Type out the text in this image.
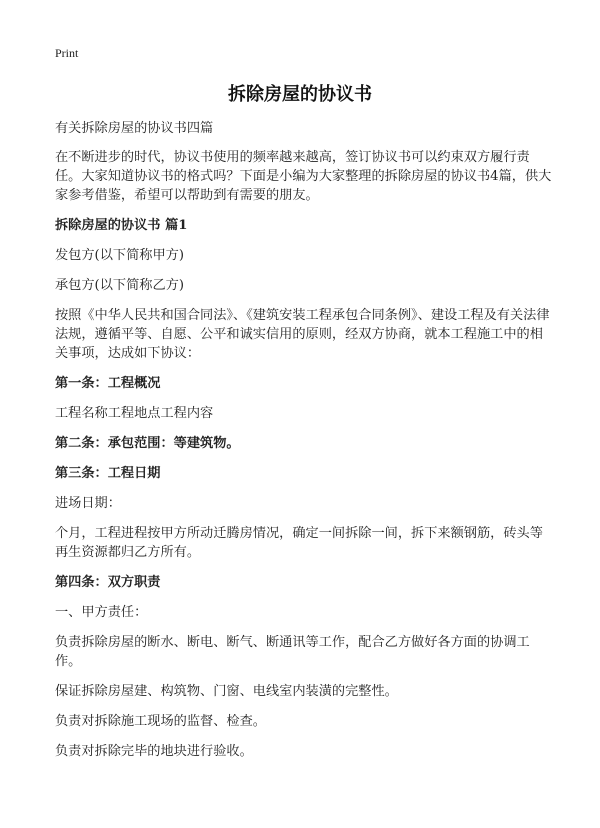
Print
拆除房屋的协议书

有关拆除房屋的协议书四篇

在不断进步的时代，协议书使用的频率越来越高，签订协议书可以约束双方履行责任。大家知道协议书的格式吗？下面是小编为大家整理的拆除房屋的协议书4篇，供大家参考借鉴，希望可以帮助到有需要的朋友。

拆除房屋的协议书 篇1

发包方(以下简称甲方)

承包方(以下简称乙方)

按照《中华人民共和国合同法》、《建筑安装工程承包合同条例》、建设工程及有关法律法规，遵循平等、自愿、公平和诚实信用的原则，经双方协商，就本工程施工中的相关事项，达成如下协议：

第一条：工程概况

工程名称工程地点工程内容

第二条：承包范围：等建筑物。

第三条：工程日期

进场日期：

个月，工程进程按甲方所动迁腾房情况，确定一间拆除一间，拆下来额钢筋，砖头等再生资源都归乙方所有。

第四条：双方职责

一、甲方责任：

负责拆除房屋的断水、断电、断气、断通讯等工作，配合乙方做好各方面的协调工作。

保证拆除房屋建、构筑物、门窗、电线室内装潢的完整性。

负责对拆除施工现场的监督、检查。

负责对拆除完毕的地块进行验收。
